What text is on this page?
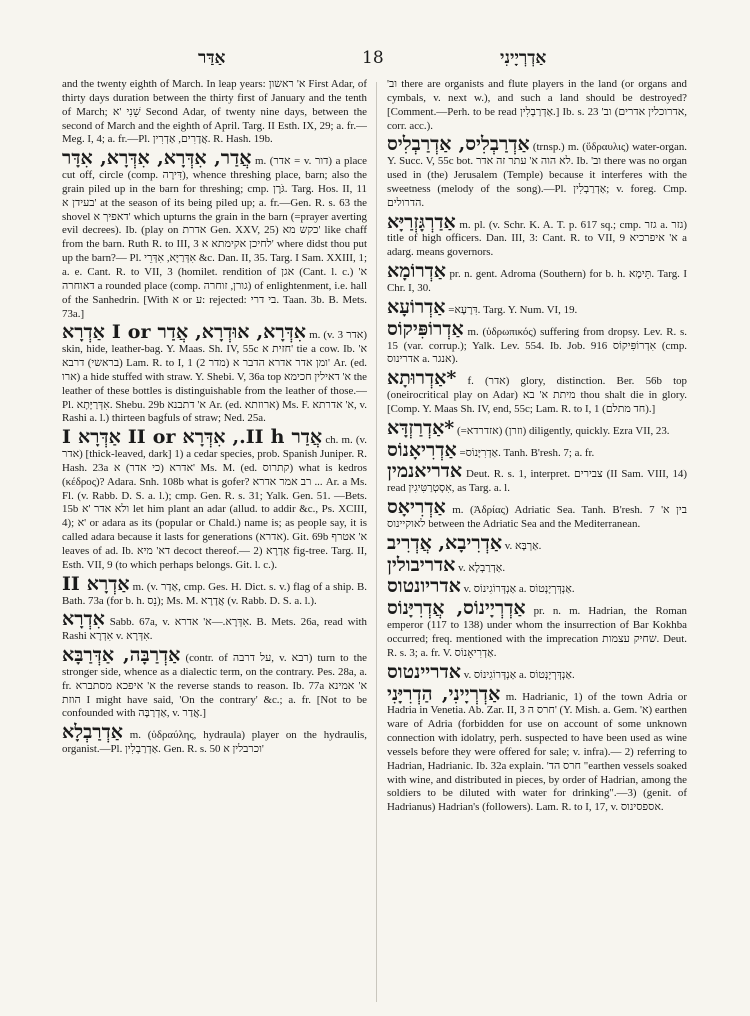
אַדַּר	18	אַדְרְיָינִי

and the twenty eighth of March. In leap years: א' ראשון First Adar, of thirty days duration between the thirty first of January and the tenth of March; שֵׁנִי 'א Second Adar, of twenty nine days, between the second of March and the eighth of April. Targ. II Esth. IX, 29; a. fr.— Meg. I, 4; a. fr.—Pl. אֲדָרִים, אַדְרִין. R. Hash. 19b.

אֲדַר, אִדְּרָא, אִדְּרָא, אִדָּר m. (אדר = v. דור) a place cut off, circle (comp. דִּירָה), whence threshing place, barn; also the grain piled up in the barn for threshing; cmp. גֹּרֶן. Targ. Hos. II, 11 בעידן א' at the season of its being piled up; a. fr.—Gen. R. s. 63 the shovel דאפיך א' which upturns the grain in the barn (=prayer averting evil decrees). Ib. (play on אדרת Gen. XXV, 25) כקש מא' like chaff from the barn. Ruth R. to III, 3 לחיכן אקימתא א' where didst thou put up the barn?— Pl. אִדְּרַיָּא, אִדְּרֵי &c. Dan. II, 35. Targ. I Sam. XXIII, 1; a. e. Cant. R. to VII, 3 (homilet. rendition of אגן (Cant. l. c.) א' דאוחרה a rounded place (comp. גורן, זוחרה) of enlightenment, i.e. hall of the Sanhedrin. [With א or ע: rejected: בי דרי. Taan. 3b. B. Mets. 73a.]

אִדְּרָא, אוּדְרָא, אֲדַר I or אַדְרָא m. (v. אדר 3) skin, hide, leather-bag. Y. Maas. Sh. IV, 55c חזית א' tie a cow. Ib. א' (בראשי) דרבא Lam. R. to I, 1 (2 מדר) ומן אדר אדרא הדבר א' Ar. (ed. ארו) a hide stuffed with straw. Y. Shebi. V, 36a top א' דאילין חכימא the leather of these bottles is distinguishable from the leather of those.— Pl. אִדְּרַיָּתָא. Shebu. 29b א' דתבנא Ar. (ed. ארוזתא) Ms. F. א' אדרתא, v. Rashi a. l.) thirteen bagfuls of straw; Ned. 25a.

אֲדַר II h., אִדְּרָא II or אַדְּרָא I ch. m. (v. אדר) [thick-leaved, dark] 1) a cedar species, prob. Spanish Juniper. R. Hash. 23a אדרא (כי אדר) א' Ms. M. (ed. קתרוס) what is kedros (κέδρος)? Adara. Snh. 108b what is gofer? רב אמר אדרא ... Ar. a Ms. Fl. (v. Rabb. D. S. a. l.); cmp. Gen. R. s. 31; Yalk. Gen. 51. —Bets. 15b ולא אדר 'א let him plant an adar (allud. to addir &c., Ps. XCIII, 4); א' or adara as its (popular or Chald.) name is; as people say, it is called adara because it lasts for generations (אדרא). Git. 69b א' אטרף leaves of ad. Ib. דא' מיא decoct thereof.— 2) אַדְרָא fig-tree. Targ. II, Esth. VII, 9 (to which perhaps belongs. Git. l. c.).

אַדְרָא II m. (v. אַדַר, cmp. Ges. H. Dict. s. v.) flag of a ship. B. Bath. 73a (for b. h. נֵס); Ms. M. אֲדָרָא (v. Rabb. D. S. a. l.).

אִדְרָא Sabb. 67a, v. אִדְּרָא.—א' אדרא. B. Mets. 26a, read with Rashi אִדְרָא v. אִדְּרָא.

אַדְרַבָּה, אַדְּרַבָּא (contr. of על דרבה, v. רבא) turn to the stronger side, whence as a dialectic term, on the contrary. Pes. 28a, a. fr. א' איפכא מסתברא the reverse stands to reason. Ib. 77a א' אמינא הוזת I might have said, 'On the contrary' &c.; a. fr. [Not to be confounded with אַדְרַבָּה, v. אֲדַר.]

אַדְרַבְלָא m. (ὑδραύλης, hydraula) player on the hydraulis, organist.—Pl. אַדְרַבְלִין. Gen. R. s. 50 וכרבלין א'

'וב there are organists and flute players in the land (or organs and cymbals, v. next w.), and such a land should be destroyed? [Comment.—Perh. to be read אַדְרַבְלִין.] Ib. s. 23 'וב (אדרוכלין אדרים, corr. acc.).

אַדְרַבְלִיס, אַדְרַבְלִיס (trnsp.) m. (ὕδραυλις) water-organ. Y. Succ. V, 55c bot. לא הוה א' עתר זה אדר. Ib. 'וב there was no organ used in (the) Jerusalem (Temple) because it interferes with the sweetness (melody of the song).—Pl. אַדְרַבְלִין; v. foreg. Cmp. הדרולים.

אַדַרְגָּזְרַיָּא m. pl. (v. Schr. K. A. T. p. 617 sq.; cmp. גזר a. גזר) title of high officers. Dan. III, 3: Cant. R. to VII, 9 א' איפרכיא a adarg. means governors.

אַדְרוֹמָא pr. n. gent. Adroma (Southern) for b. h. תֵּימָא. Targ. I Chr. I, 30.

אַדְרוֹעָא =דִּרָעָא. Targ. Y. Num. VI, 19.

אַדְרוֹפִּיקוֹס m. (ὑδρωπικός) suffering from dropsy. Lev. R. s. 15 (var. corrup.); Yalk. Lev. 554. Ib. Job. 916 אִדְרוֹפִּיקוֹס (cmp. אדרינוס a. אנגר).

*אַדְרוּתָא f. (אדר) glory, distinction. Ber. 56b top (oneirocritical play on Adar) מיתת א' בא thou shalt die in glory. [Comp. Y. Maas Sh. IV, end, 55c; Lam. R. to I, 1 (חד מתלם).]

*אַדְרַזְדָּא (=אזדרדא) (וזרן) diligently, quickly. Ezra VII, 23.

אַדְרִיאָנוֹס =אַדְרִיָּנוֹס. Tanh. B'resh. 7; a. fr.

אדריאנמין Deut. R. s. 1, interpret. צבירים (II Sam. VIII, 14) read אִסְטְרַטִּיגִין, as Targ. a. l.

אַדְרִיאָס m. (Ἀδρίας) Adriatic Sea. Tanh. B'resh. 7 בין א' לאוקיינוס between the Adriatic Sea and the Mediterranean.

אַדְרִיבָא, אֲדְרִיב v. אַרְבָּא.

אדריבולין v. אַדְרַבְלָא.

אדריונטוס v. אַנְדְּרוֹגִינוֹס a. אַנְדְּרְיָנְטוֹס.

אַדְרְיָינוֹס, אֲדְרִיָּנוֹס pr. n. m. Hadrian, the Roman emperor (117 to 138) under whom the insurrection of Bar Kokhba occurred; freq. mentioned with the imprecation שחיק עצמות. Deut. R. s. 3; a. fr. V. אַדְרִיאָנוֹס.

אדריינטוס v. אַנְדְּרוֹגִינוֹס a. אַנְדְּרְיָנְטוֹס.

אַדְרְיָינִי, הַדְרִיָּנִי m. Hadrianic, 1) of the town Adria or Hadria in Venetia. Ab. Zar. II, 3 חרס ה' (Y. Mish. a. Gem. 'א) earthen ware of Adria (forbidden for use on account of some unknown connection with idolatry, perh. suspected to have been used as wine vessels before they were offered for sale; v. infra).— 2) referring to Hadrian, Hadrianic. Ib. 32a explain. 'חרס הד "earthen vessels soaked with wine, and distributed in pieces, by order of Hadrian, among the soldiers to be diluted with water for drinking".—3) (genit. of Hadrianus) Hadrian's (followers). Lam. R. to I, 17, v. אספסינוס.
